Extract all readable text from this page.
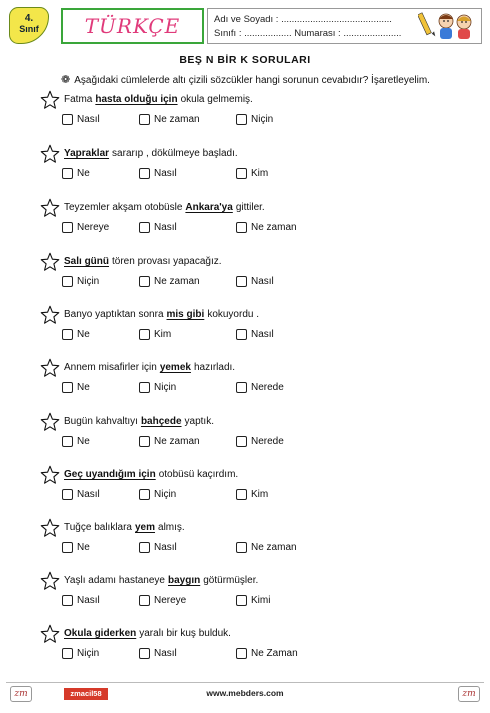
4.
Sınıf	TÜRKÇE	Adı ve Soyadı : ..........................................
Sınıfı : .................. Numarası : ......................
BEŞ N BİR K SORULARI
❁ Aşağıdaki cümlelerde altı çizili sözcükler hangi sorunun cevabıdır? İşaretleyelim.
Fatma hasta olduğu için okula gelmemiş.
Nasıl	Ne zaman	Niçin
Yapraklar sararıp , dökülmeye başladı.
Ne	Nasıl	Kim
Teyzemler akşam otobüsle Ankara'ya gittiler.
Nereye	Nasıl	Ne zaman
Salı günü tören provası yapacağız.
Niçin	Ne zaman	Nasıl
Banyo yaptıktan sonra mis gibi kokuyordu .
Ne	Kim	Nasıl
Annem misafirler için yemek hazırladı.
Ne	Niçin	Nerede
Bugün kahvaltıyı bahçede yaptık.
Ne	Ne zaman	Nerede
Geç uyandığım için otobüsü kaçırdım.
Nasıl	Niçin	Kim
Tuğçe balıklara yem almış.
Ne	Nasıl	Ne zaman
Yaşlı adamı hastaneye baygın götürmüşler.
Nasıl	Nereye	Kimi
Okula giderken yaralı bir kuş bulduk.
Niçin	Nasıl	Ne Zaman
zm	zmacil58	www.mebders.com	zm
